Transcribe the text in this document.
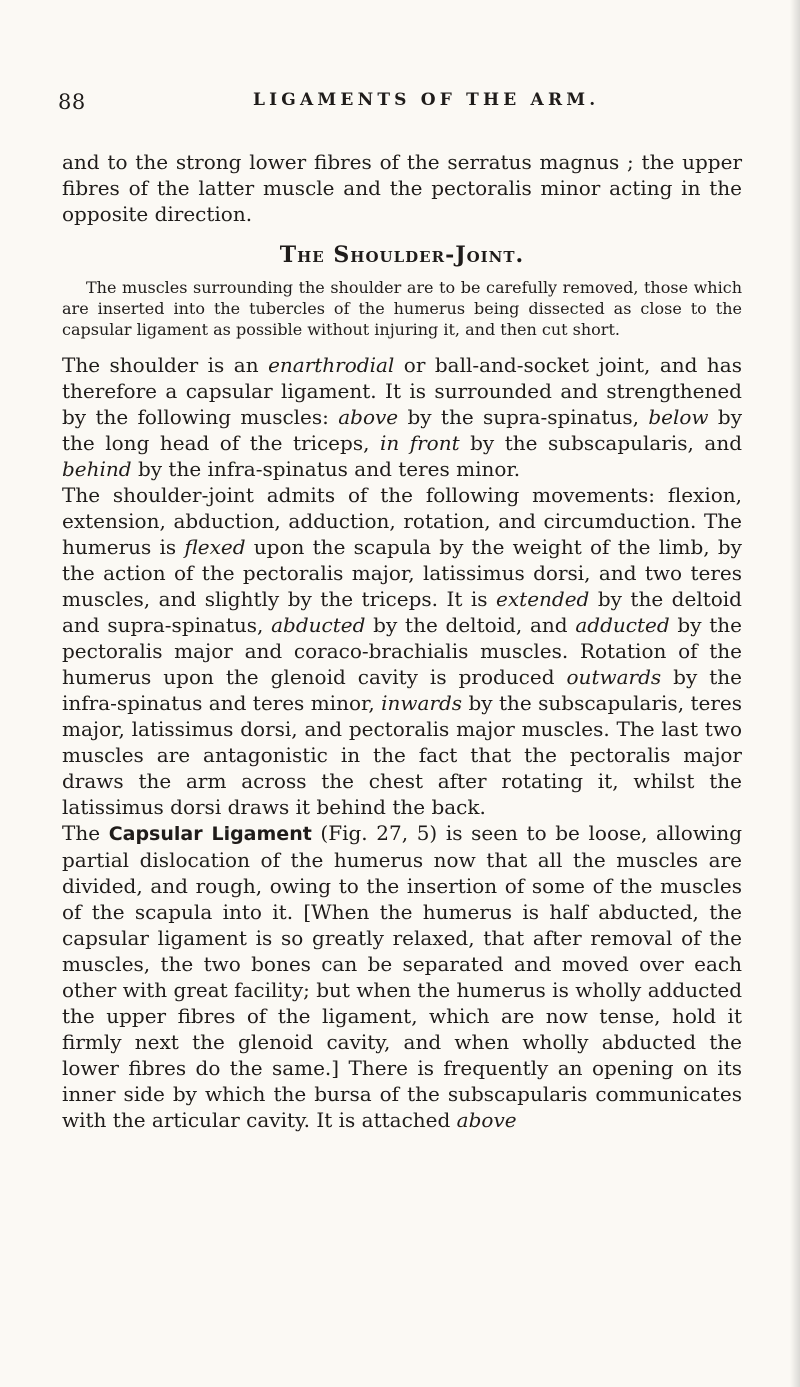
88	LIGAMENTS OF THE ARM.

and to the strong lower fibres of the serratus magnus ; the upper fibres of the latter muscle and the pectoralis minor acting in the opposite direction.

The Shoulder-Joint.

The muscles surrounding the shoulder are to be carefully removed, those which are inserted into the tubercles of the humerus being dissected as close to the capsular ligament as possible without injuring it, and then cut short.

The shoulder is an enarthrodial or ball-and-socket joint, and has therefore a capsular ligament. It is surrounded and strengthened by the following muscles: above by the supra-spinatus, below by the long head of the triceps, in front by the subscapularis, and behind by the infra-spinatus and teres minor.

The shoulder-joint admits of the following movements: flexion, extension, abduction, adduction, rotation, and circumduction. The humerus is flexed upon the scapula by the weight of the limb, by the action of the pectoralis major, latissimus dorsi, and two teres muscles, and slightly by the triceps. It is extended by the deltoid and supra-spinatus, abducted by the deltoid, and adducted by the pectoralis major and coraco-brachialis muscles. Rotation of the humerus upon the glenoid cavity is produced outwards by the infra-spinatus and teres minor, inwards by the subscapularis, teres major, latissimus dorsi, and pectoralis major muscles. The last two muscles are antagonistic in the fact that the pectoralis major draws the arm across the chest after rotating it, whilst the latissimus dorsi draws it behind the back.

The Capsular Ligament (Fig. 27, 5) is seen to be loose, allowing partial dislocation of the humerus now that all the muscles are divided, and rough, owing to the insertion of some of the muscles of the scapula into it. [When the humerus is half abducted, the capsular ligament is so greatly relaxed, that after removal of the muscles, the two bones can be separated and moved over each other with great facility; but when the humerus is wholly adducted the upper fibres of the ligament, which are now tense, hold it firmly next the glenoid cavity, and when wholly abducted the lower fibres do the same.] There is frequently an opening on its inner side by which the bursa of the subscapularis communicates with the articular cavity. It is attached above
